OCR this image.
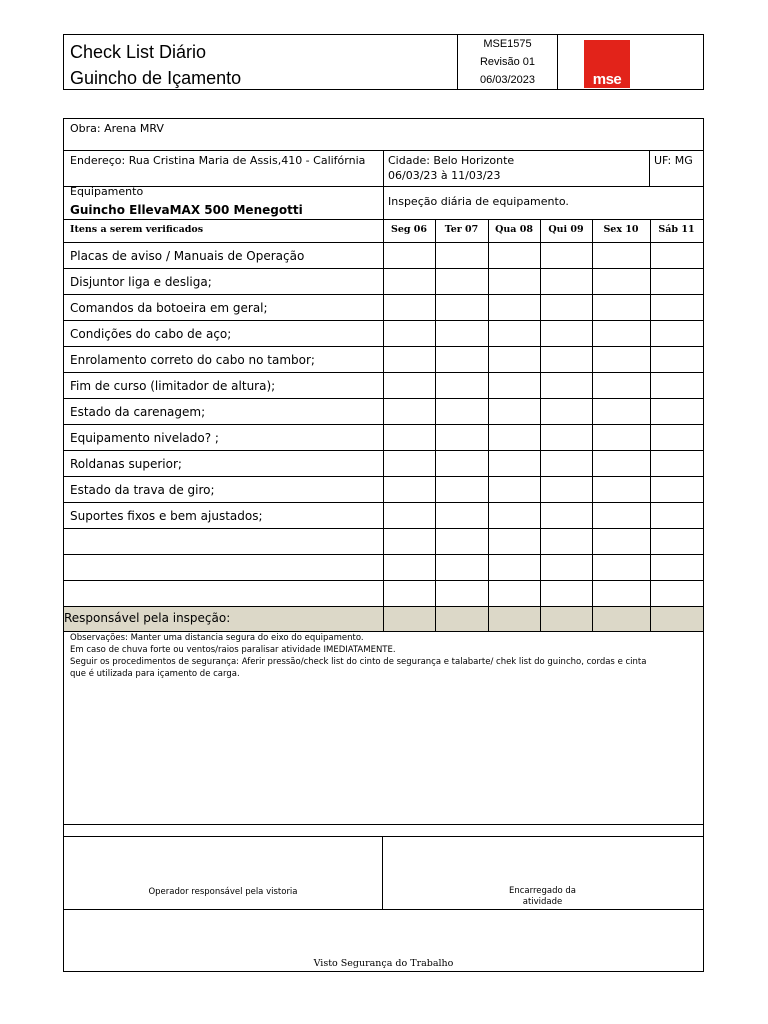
Check List Diário
Guincho de Içamento
MSE1575
Revisão 01
06/03/2023	mse
Obra: Arena MRV
Endereço: Rua Cristina Maria de Assis,410 - Califórnia Cidade: Belo Horizonte
06/03/23 à 11/03/23
UF: MG
Equipamento
Guincho EllevaMAX 500 Menegotti
Inspeção diária de equipamento.
Itens a serem verificados	Seg 06	Ter 07	Qua 08	Qui 09	Sex 10	Sáb 11
Placas de aviso / Manuais de Operação
Disjuntor liga e desliga;
Comandos da botoeira em geral;
Condições do cabo de aço;
Enrolamento correto do cabo no tambor;
Fim de curso (limitador de altura);
Estado da carenagem;
Equipamento nivelado? ;
Roldanas superior;
Estado da trava de giro;
Suportes fixos e bem ajustados;
Responsável pela inspeção:
Observações: Manter uma distancia segura do eixo do equipamento.
Em caso de chuva forte ou ventos/raios paralisar atividade IMEDIATAMENTE.
Seguir os procedimentos de segurança: Aferir pressão/check list do cinto de segurança e talabarte/ chek list do guincho, cordas e cinta
que é utilizada para içamento de carga.
Operador responsável pela vistoria	Encarregado da
atividade
Visto Segurança do Trabalho
